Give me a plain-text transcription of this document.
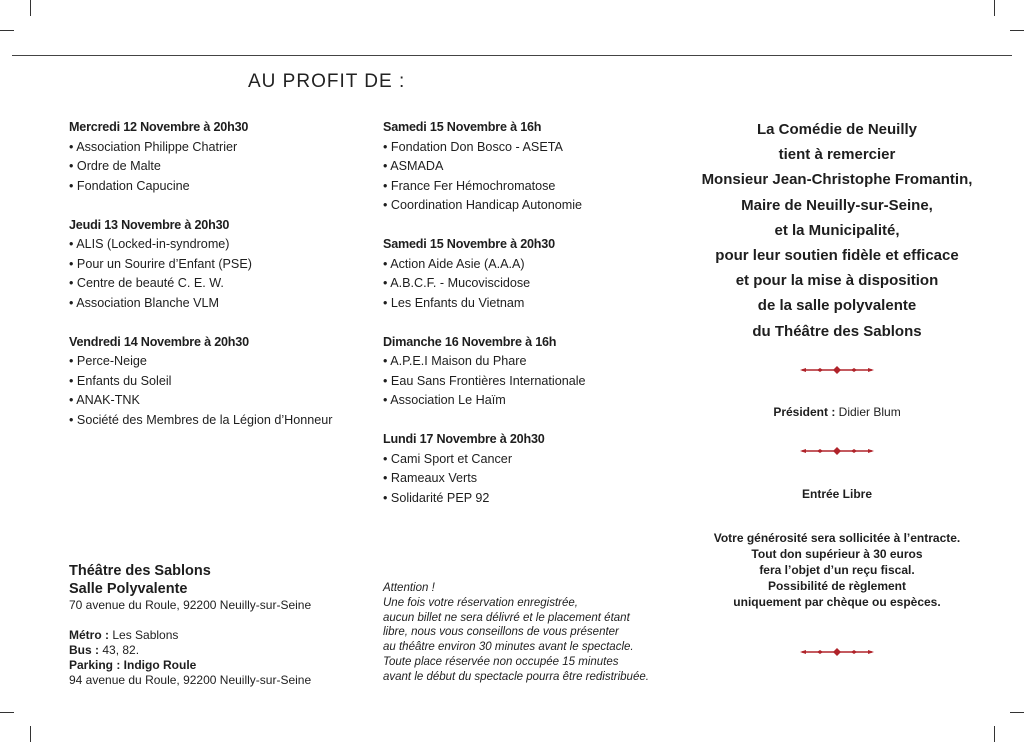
AU PROFIT DE :
Mercredi 12 Novembre à 20h30
• Association Philippe Chatrier
• Ordre de Malte
• Fondation Capucine
Jeudi 13 Novembre à 20h30
• ALIS (Locked-in-syndrome)
• Pour un Sourire d’Enfant (PSE)
• Centre de beauté C. E. W.
• Association Blanche VLM
Vendredi 14 Novembre à 20h30
• Perce-Neige
• Enfants du Soleil
• ANAK-TNK
• Société des Membres de la Légion d’Honneur
Samedi 15 Novembre à 16h
• Fondation Don Bosco - ASETA
• ASMADA
• France Fer Hémochromatose
• Coordination Handicap Autonomie
Samedi 15 Novembre à 20h30
• Action Aide Asie (A.A.A)
• A.B.C.F. - Mucoviscidose
• Les Enfants du Vietnam
Dimanche 16 Novembre à 16h
• A.P.E.I Maison du Phare
• Eau Sans Frontières Internationale
• Association Le Haïm
Lundi 17 Novembre à 20h30
• Cami Sport et Cancer
• Rameaux Verts
• Solidarité PEP 92
La Comédie de Neuilly
tient à remercier
Monsieur Jean-Christophe Fromantin,
Maire de Neuilly-sur-Seine,
et la Municipalité,
pour leur soutien fidèle et efficace
et pour la mise à disposition
de la salle polyvalente
du Théâtre des Sablons
Président : Didier Blum
Entrée Libre
Votre générosité sera sollicitée à l’entracte.
Tout don supérieur à 30 euros
fera l’objet d’un reçu fiscal.
Possibilité de règlement
uniquement par chèque ou espèces.
Théâtre des Sablons
Salle Polyvalente
70 avenue du Roule, 92200 Neuilly-sur-Seine
Métro : Les Sablons
Bus : 43, 82.
Parking : Indigo Roule
94 avenue du Roule, 92200 Neuilly-sur-Seine
Attention !
Une fois votre réservation enregistrée,
aucun billet ne sera délivré et le placement étant
libre, nous vous conseillons de vous présenter
au théâtre environ 30 minutes avant le spectacle.
Toute place réservée non occupée 15 minutes
avant le début du spectacle pourra être redistribuée.
